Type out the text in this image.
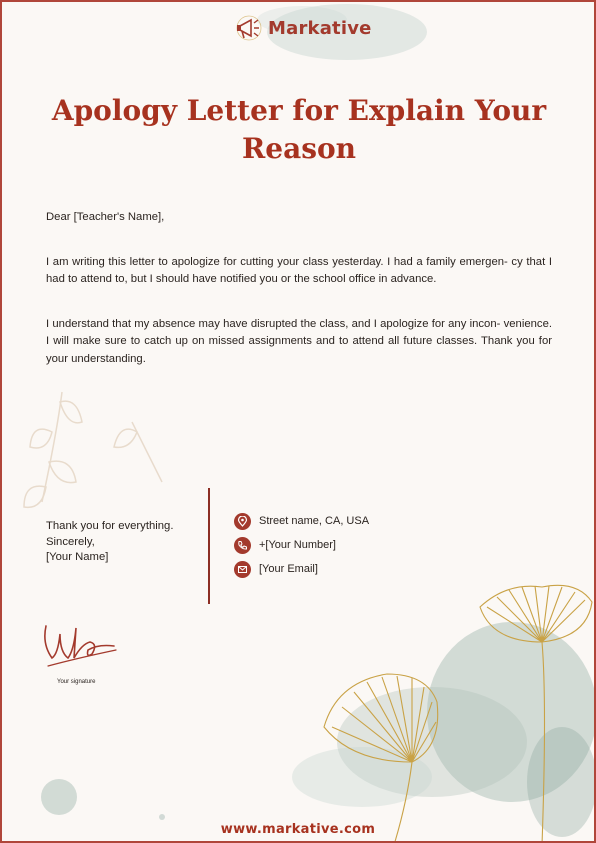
Markative
Apology Letter for Explain Your Reason

Dear [Teacher's Name],

I am writing this letter to apologize for cutting your class yesterday. I had a family emergen- cy that I had to attend to, but I should have notified you or the school office in advance.

I understand that my absence may have disrupted the class, and I apologize for any incon- venience. I will make sure to catch up on missed assignments and to attend all future classes. Thank you for your understanding.

Thank you for everything.
Sincerely,
[Your Name]
Street name, CA, USA
+[Your Number]
[Your Email]
Your signature
www.markative.com
